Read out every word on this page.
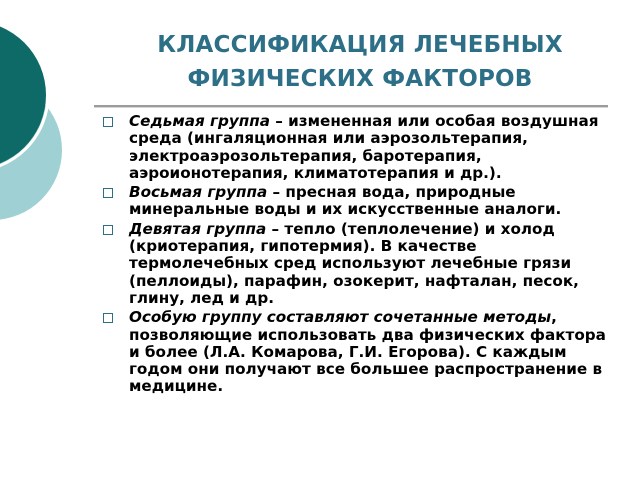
КЛАССИФИКАЦИЯ ЛЕЧЕБНЫХ
ФИЗИЧЕСКИХ ФАКТОРОВ
Седьмая группа – измененная или особая воздушная среда (ингаляционная или аэрозольтерапия, электроаэрозольтерапия, баротерапия, аэроионотерапия, климатотерапия и др.).
Восьмая группа – пресная вода, природные минеральные воды и их искусственные аналоги.
Девятая группа – тепло (теплолечение) и холод (криотерапия, гипотермия). В качестве термолечебных сред используют лечебные грязи (пеллоиды), парафин, озокерит, нафталан, песок, глину, лед и др.
Особую группу составляют сочетанные методы, позволяющие использовать два физических фактора и более (Л.А. Комарова, Г.И. Егорова). С каждым годом они получают все большее распространение в медицине.
